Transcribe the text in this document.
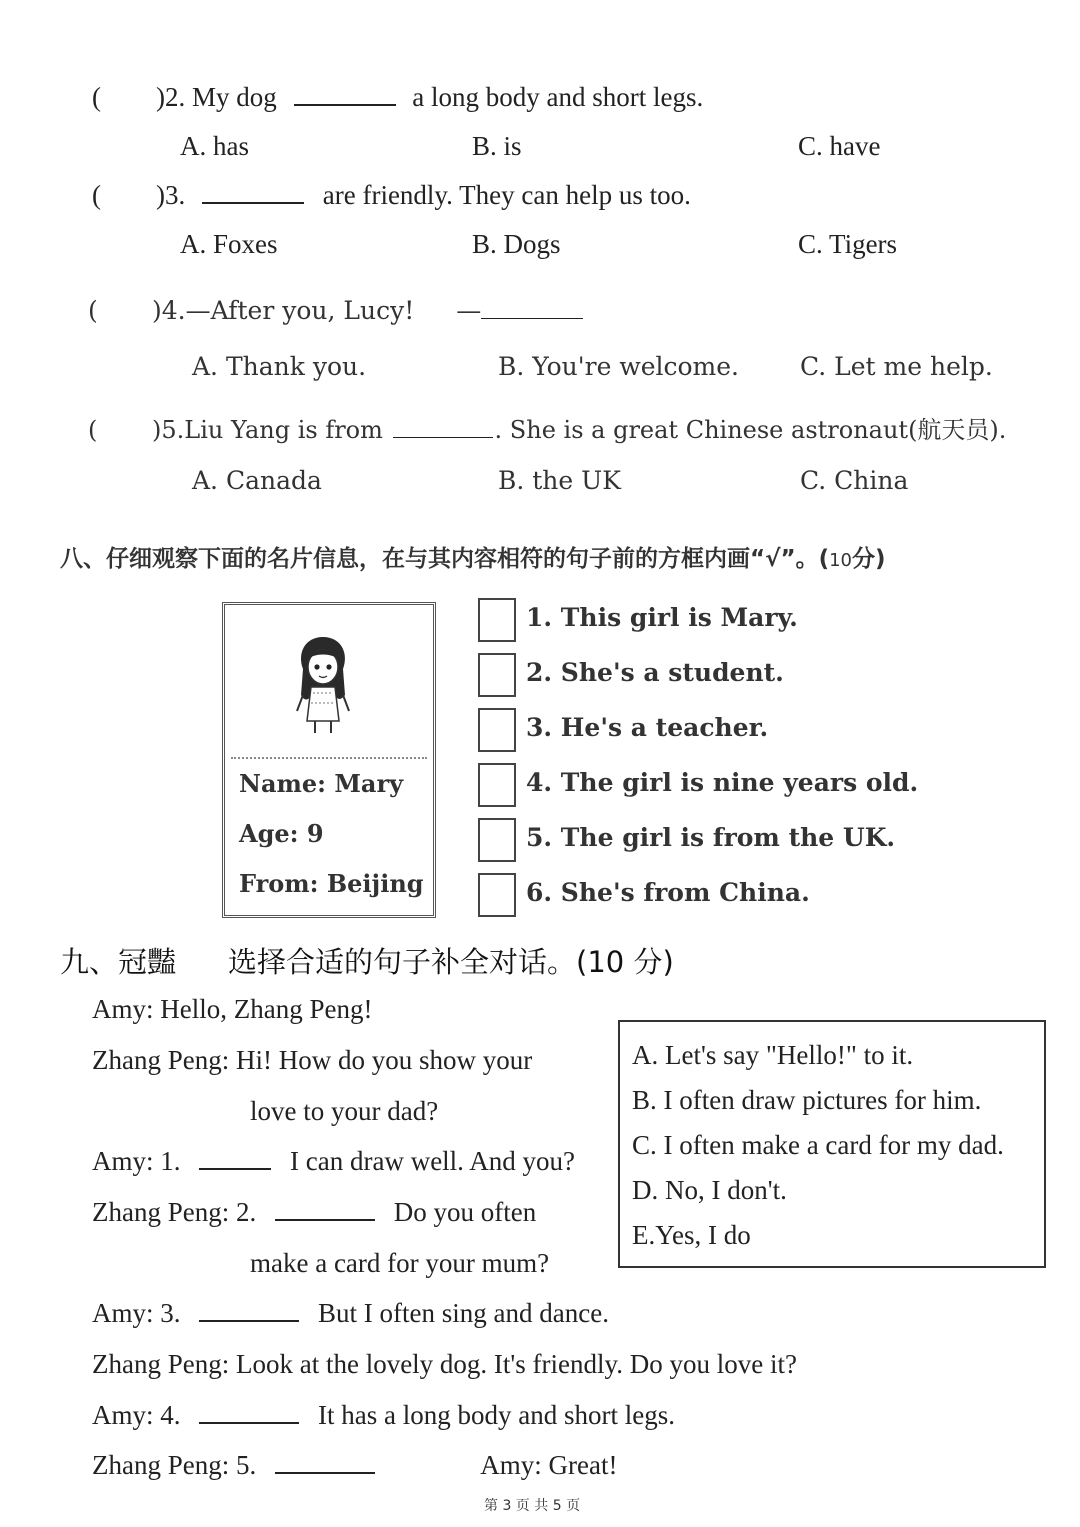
( )2. My dog	a long body and short legs.
A. has	B. is	C. have
( )3.	are friendly. They can help us too.
A. Foxes	B. Dogs	C. Tigers
( )4.—After you, Lucy! —
A. Thank you.	B. You're welcome. C. Let me help.
( )5.Liu Yang is from	. She is a great Chinese astronaut(航天员).
A. Canada	B. the UK	C. China
八、仔细观察下面的名片信息，在与其内容相符的句子前的方框内画“√”。(10分)
Name: Mary
Age: 9
From: Beijing
1. This girl is Mary.
2. She's a student.
3. He's a teacher.
4. The girl is nine years old.
5. The girl is from the UK.
6. She's from China.
九、冠豔 选择合适的句子补全对话。(10 分)
Amy: Hello, Zhang Peng!
Zhang Peng: Hi! How do you show your
love to your dad?
Amy: 1.	I can draw well. And you?
Zhang Peng: 2.	Do you often
make a card for your mum?
Amy: 3.	But I often sing and dance.
Zhang Peng: Look at the lovely dog. It's friendly. Do you love it?
Amy: 4.	It has a long body and short legs.
Zhang Peng: 5.	Amy: Great!
A. Let's say "Hello!" to it.
B. I often draw pictures for him.
C. I often make a card for my dad.
D. No, I don't.
E.Yes, I do
第 3 页 共 5 页
